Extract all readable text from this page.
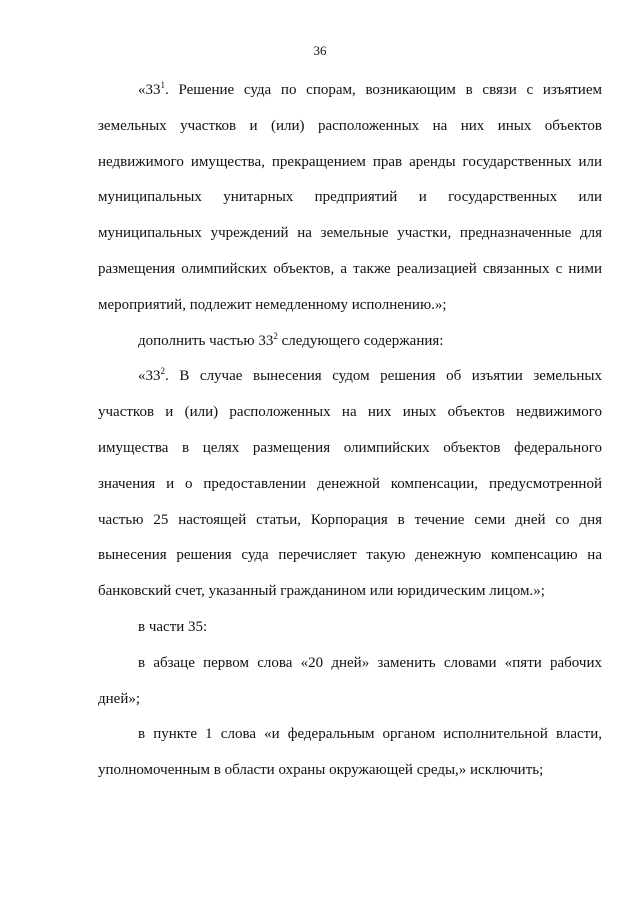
36

«$33^1$. Решение суда по спорам, возникающим в связи с изъятием земельных участков и (или) расположенных на них иных объектов недвижимого имущества, прекращением прав аренды государственных или муниципальных унитарных предприятий и государственных или муниципальных учреждений на земельные участки, предназначенные для размещения олимпийских объектов, а также реализацией связанных с ними мероприятий, подлежит немедленному исполнению.»;

дополнить частью $33^2$ следующего содержания:

«$33^2$. В случае вынесения судом решения об изъятии земельных участков и (или) расположенных на них иных объектов недвижимого имущества в целях размещения олимпийских объектов федерального значения и о предоставлении денежной компенсации, предусмотренной частью 25 настоящей статьи, Корпорация в течение семи дней со дня вынесения решения суда перечисляет такую денежную компенсацию на банковский счет, указанный гражданином или юридическим лицом.»;

в части 35:

в абзаце первом слова «20 дней» заменить словами «пяти рабочих дней»;

в пункте 1 слова «и федеральным органом исполнительной власти, уполномоченным в области охраны окружающей среды,» исключить;
